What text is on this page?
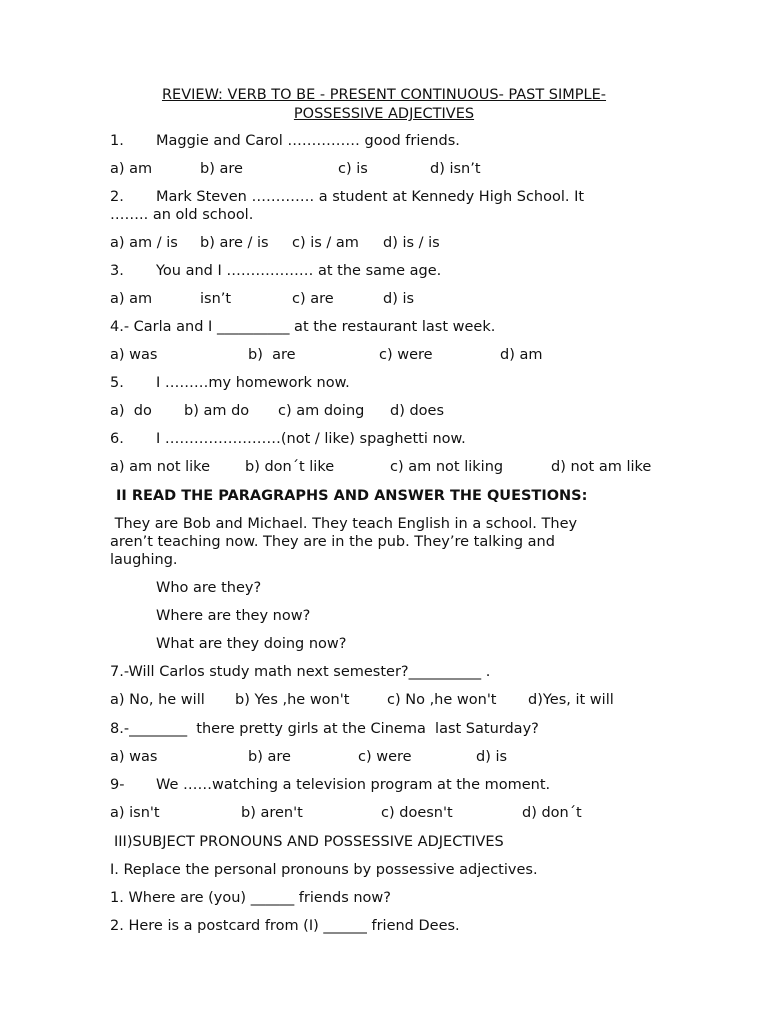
REVIEW: VERB TO BE - PRESENT CONTINUOUS- PAST SIMPLE-
POSSESSIVE ADJECTIVES
1. Maggie and Carol …………… good friends.
a) am	b) are	c) is	d) isn’t
2. Mark Steven …………. a student at Kennedy High School. It
…….. an old school.
a) am / is b) are / is c) is / am d) is / is
3. You and I ……………… at the same age.
a) am	isn’t	c) are	d) is
4.- Carla and I __________ at the restaurant last week.
a) was	b)  are	c) were	d) am
5. I ………my homework now.
a)  do b) am do c) am doing d) does
6. I ……………………(not / like) spaghetti now.
a) am not like b) don´t like	c) am not liking	d) not am like
II READ THE PARAGRAPHS AND ANSWER THE QUESTIONS:
They are Bob and Michael. They teach English in a school. They
aren’t teaching now. They are in the pub. They’re talking and
laughing.
Who are they?
Where are they now?
What are they doing now?
7.-Will Carlos study math next semester?__________ .
a) No, he will b) Yes ,he won't	c) No ,he won't d)Yes, it will
8.-________  there pretty girls at the Cinema  last Saturday?
a) was	b) are	c) were	d) is
9- We ……watching a television program at the moment.
a) isn't	b) aren't	c) doesn't	d) don´t
III)SUBJECT PRONOUNS AND POSSESSIVE ADJECTIVES
I. Replace the personal pronouns by possessive adjectives.
1. Where are (you) ______ friends now?
2. Here is a postcard from (I) ______ friend Dees.
